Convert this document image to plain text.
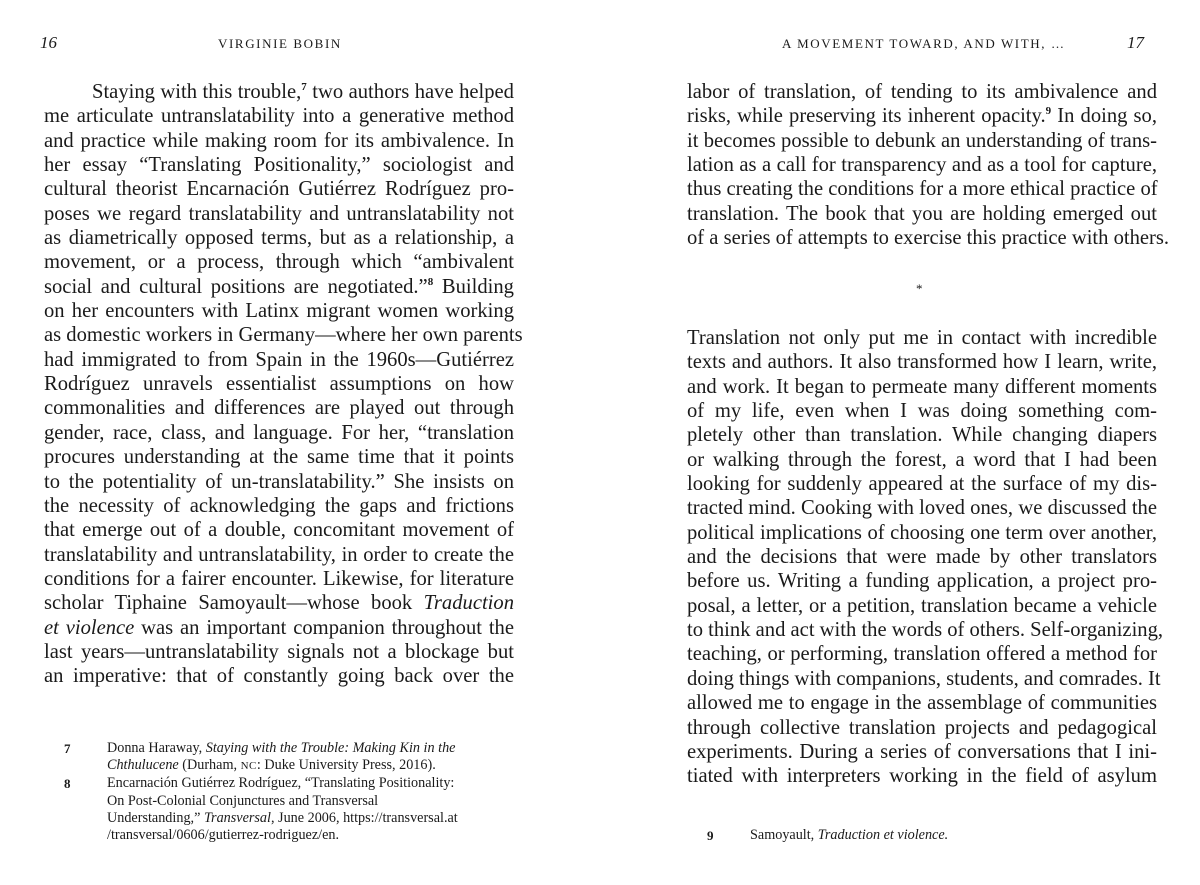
16	VIRGINIE BOBIN
Staying with this trouble,$^7$ two authors have helped
me articulate untranslatability into a generative method
and practice while making room for its ambivalence. In
her essay “Translating Positionality,” sociologist and
cultural theorist Encarnación Gutiérrez Rodríguez pro-
poses we regard translatability and untranslatability not
as diametrically opposed terms, but as a relationship, a
movement, or a process, through which “ambivalent
social and cultural positions are negotiated.”$^8$ Building
on her encounters with Latinx migrant women working
as domestic workers in Germany—where her own parents
had immigrated to from Spain in the 1960s—Gutiérrez
Rodríguez unravels essentialist assumptions on how
commonalities and differences are played out through
gender, race, class, and language. For her, “translation
procures understanding at the same time that it points
to the potentiality of un-translatability.” She insists on
the necessity of acknowledging the gaps and frictions
that emerge out of a double, concomitant movement of
translatability and untranslatability, in order to create the
conditions for a fairer encounter. Likewise, for literature
scholar Tiphaine Samoyault—whose book Traduction
et violence was an important companion throughout the
last years—untranslatability signals not a blockage but
an imperative: that of constantly going back over the
7	Donna Haraway, Staying with the Trouble: Making Kin in the
Chthulucene (Durham, NC: Duke University Press, 2016).
8	Encarnación Gutiérrez Rodríguez, “Translating Positionality:
On Post-Colonial Conjunctures and Transversal
Understanding,” Transversal, June 2006, https://transversal.at
/transversal/0606/gutierrez-rodriguez/en.
A MOVEMENT TOWARD, AND WITH, …	17
labor of translation, of tending to its ambivalence and
risks, while preserving its inherent opacity.$^9$ In doing so,
it becomes possible to debunk an understanding of trans-
lation as a call for transparency and as a tool for capture,
thus creating the conditions for a more ethical practice of
translation. The book that you are holding emerged out
of a series of attempts to exercise this practice with others.
*
Translation not only put me in contact with incredible
texts and authors. It also transformed how I learn, write,
and work. It began to permeate many different moments
of my life, even when I was doing something com-
pletely other than translation. While changing diapers
or walking through the forest, a word that I had been
looking for suddenly appeared at the surface of my dis-
tracted mind. Cooking with loved ones, we discussed the
political implications of choosing one term over another,
and the decisions that were made by other translators
before us. Writing a funding application, a project pro-
posal, a letter, or a petition, translation became a vehicle
to think and act with the words of others. Self-organizing,
teaching, or performing, translation offered a method for
doing things with companions, students, and comrades. It
allowed me to engage in the assemblage of communities
through collective translation projects and pedagogical
experiments. During a series of conversations that I ini-
tiated with interpreters working in the field of asylum
9	Samoyault, Traduction et violence.
